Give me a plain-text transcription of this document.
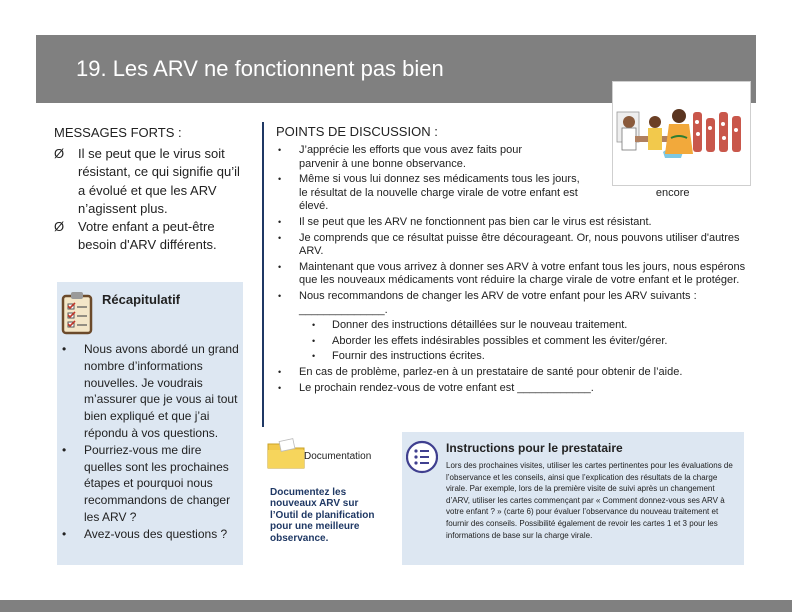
19. Les ARV ne fonctionnent pas bien
MESSAGES FORTS :
Ø Il se peut que le virus soit résistant, ce qui signifie qu’il a évolué et que les ARV n’agissent plus.
Ø Votre enfant a peut-être besoin d'ARV différents.
Récapitulatif
• Nous avons abordé un grand nombre d’informations nouvelles. Je voudrais m’assurer que je vous ai tout bien expliqué et que j’ai répondu à vos questions.
• Pourriez-vous me dire quelles sont les prochaines étapes et pourquoi nous recommandons de changer les ARV ?
• Avez-vous des questions ?
POINTS DE DISCUSSION :
• J’apprécie les efforts que vous avez faits pour parvenir à une bonne observance.
• Même si vous lui donnez ses médicaments tous les jours,
le résultat de la nouvelle charge virale de votre enfant est	encore
élevé.
• Il se peut que les ARV ne fonctionnent pas bien car le virus est résistant.
• Je comprends que ce résultat puisse être décourageant. Or, nous pouvons utiliser d'autres ARV.
• Maintenant que vous arrivez à donner ses ARV à votre enfant tous les jours, nous espérons que les nouveaux médicaments vont réduire la charge virale de votre enfant et le protéger.
• Nous recommandons de changer les ARV de votre enfant pour les ARV suivants :
______________.
• Donner des instructions détaillées sur le nouveau traitement.
• Aborder les effets indésirables possibles et comment les éviter/gérer.
• Fournir des instructions écrites.
• En cas de problème, parlez-en à un prestataire de santé pour obtenir de l’aide.
• Le prochain rendez-vous de votre enfant est ____________.
Documentation
Documentez les nouveaux ARV sur l’Outil de planification pour une meilleure observance.
Instructions pour le prestataire
Lors des prochaines visites, utiliser les cartes pertinentes pour les évaluations de l’observance et les conseils, ainsi que l’explication des résultats de la charge virale. Par exemple, lors de la première visite de suivi après un changement d’ARV, utiliser les cartes commençant par « Comment donnez-vous ses ARV à votre enfant ? » (carte 6) pour évaluer l’observance du nouveau traitement et fournir des conseils. Possibilité également de revoir les cartes 1 et 3 pour les informations de base sur la charge virale.
